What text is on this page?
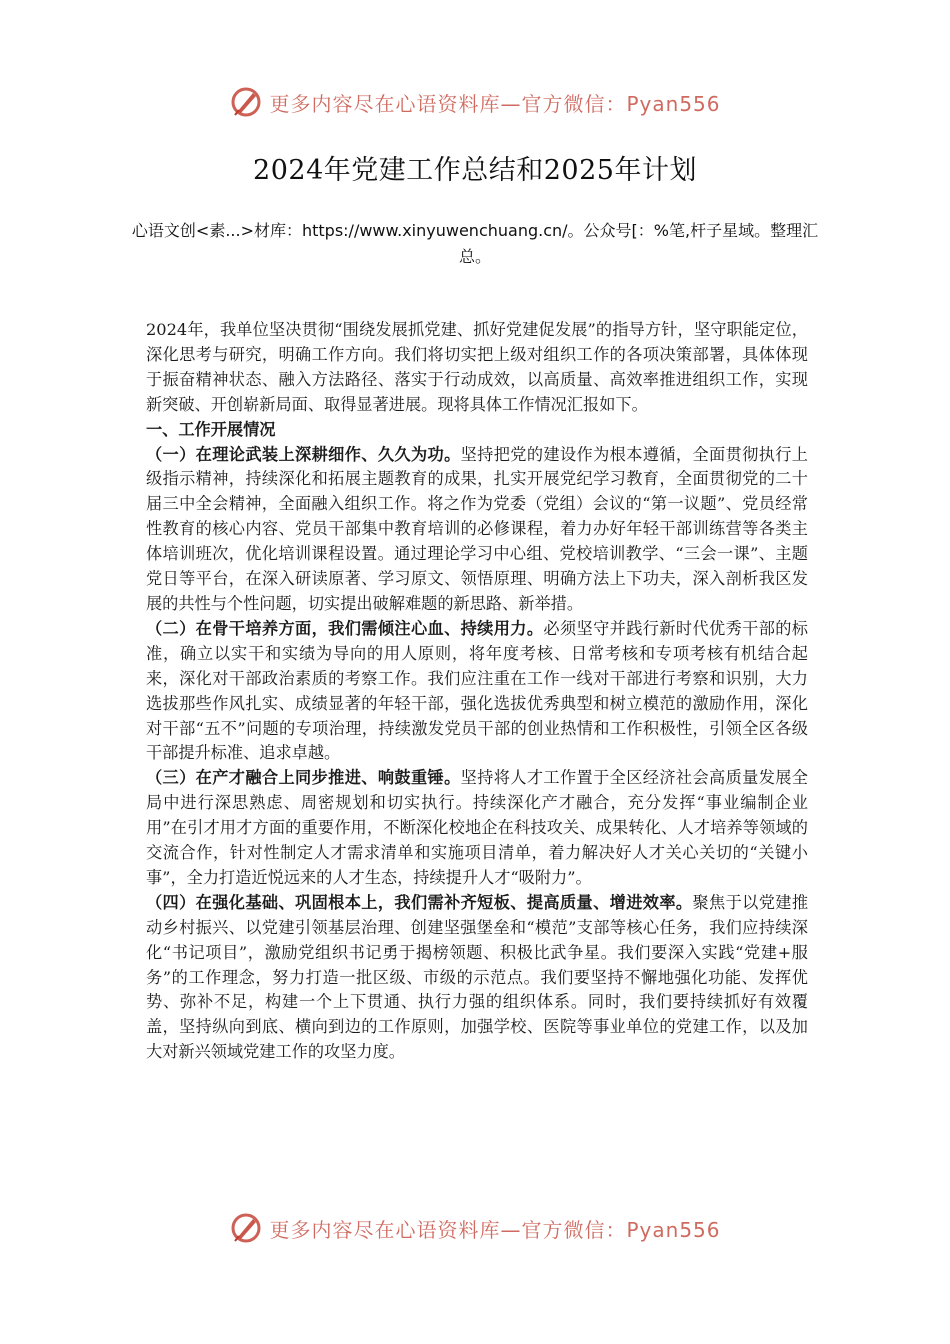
更多内容尽在心语资料库—官方微信：Pyan556
2024年党建工作总结和2025年计划
心语文创<素...>材库：https://www.xinyuwenchuang.cn/。公众号[：%笔,杆子星域。整理汇总。

2024年，我单位坚决贯彻“围绕发展抓党建、抓好党建促发展”的指导方针，坚守职能定位，深化思考与研究，明确工作方向。我们将切实把上级对组织工作的各项决策部署，具体体现于振奋精神状态、融入方法路径、落实于行动成效，以高质量、高效率推进组织工作，实现新突破、开创崭新局面、取得显著进展。现将具体工作情况汇报如下。

一、工作开展情况

（一）在理论武装上深耕细作、久久为功。坚持把党的建设作为根本遵循，全面贯彻执行上级指示精神，持续深化和拓展主题教育的成果，扎实开展党纪学习教育，全面贯彻党的二十届三中全会精神，全面融入组织工作。将之作为党委（党组）会议的“第一议题”、党员经常性教育的核心内容、党员干部集中教育培训的必修课程，着力办好年轻干部训练营等各类主体培训班次，优化培训课程设置。通过理论学习中心组、党校培训教学、“三会一课”、主题党日等平台，在深入研读原著、学习原文、领悟原理、明确方法上下功夫，深入剖析我区发展的共性与个性问题，切实提出破解难题的新思路、新举措。

（二）在骨干培养方面，我们需倾注心血、持续用力。必须坚守并践行新时代优秀干部的标准，确立以实干和实绩为导向的用人原则，将年度考核、日常考核和专项考核有机结合起来，深化对干部政治素质的考察工作。我们应注重在工作一线对干部进行考察和识别，大力选拔那些作风扎实、成绩显著的年轻干部，强化选拔优秀典型和树立模范的激励作用，深化对干部“五不”问题的专项治理，持续激发党员干部的创业热情和工作积极性，引领全区各级干部提升标准、追求卓越。

（三）在产才融合上同步推进、响鼓重锤。坚持将人才工作置于全区经济社会高质量发展全局中进行深思熟虑、周密规划和切实执行。持续深化产才融合，充分发挥“事业编制企业用”在引才用才方面的重要作用，不断深化校地企在科技攻关、成果转化、人才培养等领域的交流合作，针对性制定人才需求清单和实施项目清单，着力解决好人才关心关切的“关键小事”，全力打造近悦远来的人才生态，持续提升人才“吸附力”。

（四）在强化基础、巩固根本上，我们需补齐短板、提高质量、增进效率。聚焦于以党建推动乡村振兴、以党建引领基层治理、创建坚强堡垒和“模范”支部等核心任务，我们应持续深化“书记项目”，激励党组织书记勇于揭榜领题、积极比武争星。我们要深入实践“党建+服务”的工作理念，努力打造一批区级、市级的示范点。我们要坚持不懈地强化功能、发挥优势、弥补不足，构建一个上下贯通、执行力强的组织体系。同时，我们要持续抓好有效覆盖，坚持纵向到底、横向到边的工作原则，加强学校、医院等事业单位的党建工作，以及加大对新兴领域党建工作的攻坚力度。

更多内容尽在心语资料库—官方微信：Pyan556
